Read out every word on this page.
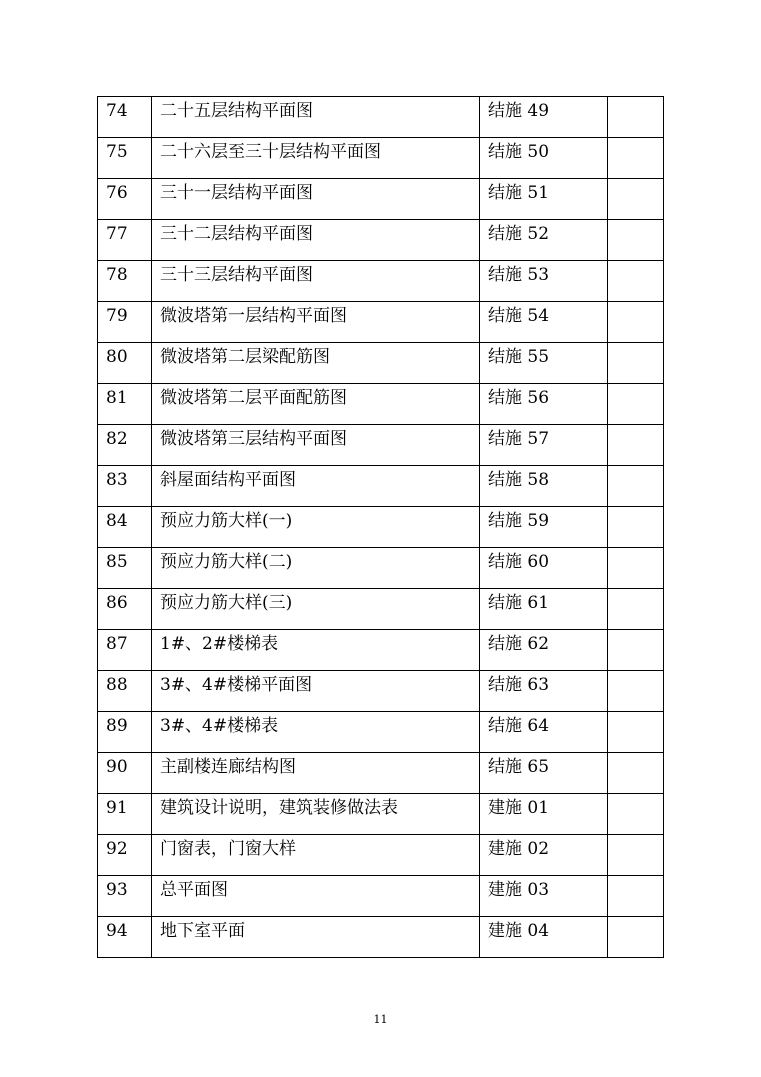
74	二十五层结构平面图	结施 49	
75	二十六层至三十层结构平面图	结施 50	
76	三十一层结构平面图	结施 51	
77	三十二层结构平面图	结施 52	
78	三十三层结构平面图	结施 53	
79	微波塔第一层结构平面图	结施 54	
80	微波塔第二层梁配筋图	结施 55	
81	微波塔第二层平面配筋图	结施 56	
82	微波塔第三层结构平面图	结施 57	
83	斜屋面结构平面图	结施 58	
84	预应力筋大样(一)	结施 59	
85	预应力筋大样(二)	结施 60	
86	预应力筋大样(三)	结施 61	
87	1#、2#楼梯表	结施 62	
88	3#、4#楼梯平面图	结施 63	
89	3#、4#楼梯表	结施 64	
90	主副楼连廊结构图	结施 65	
91	建筑设计说明，建筑装修做法表	建施 01	
92	门窗表，门窗大样	建施 02	
93	总平面图	建施 03	
94	地下室平面	建施 04	
11
